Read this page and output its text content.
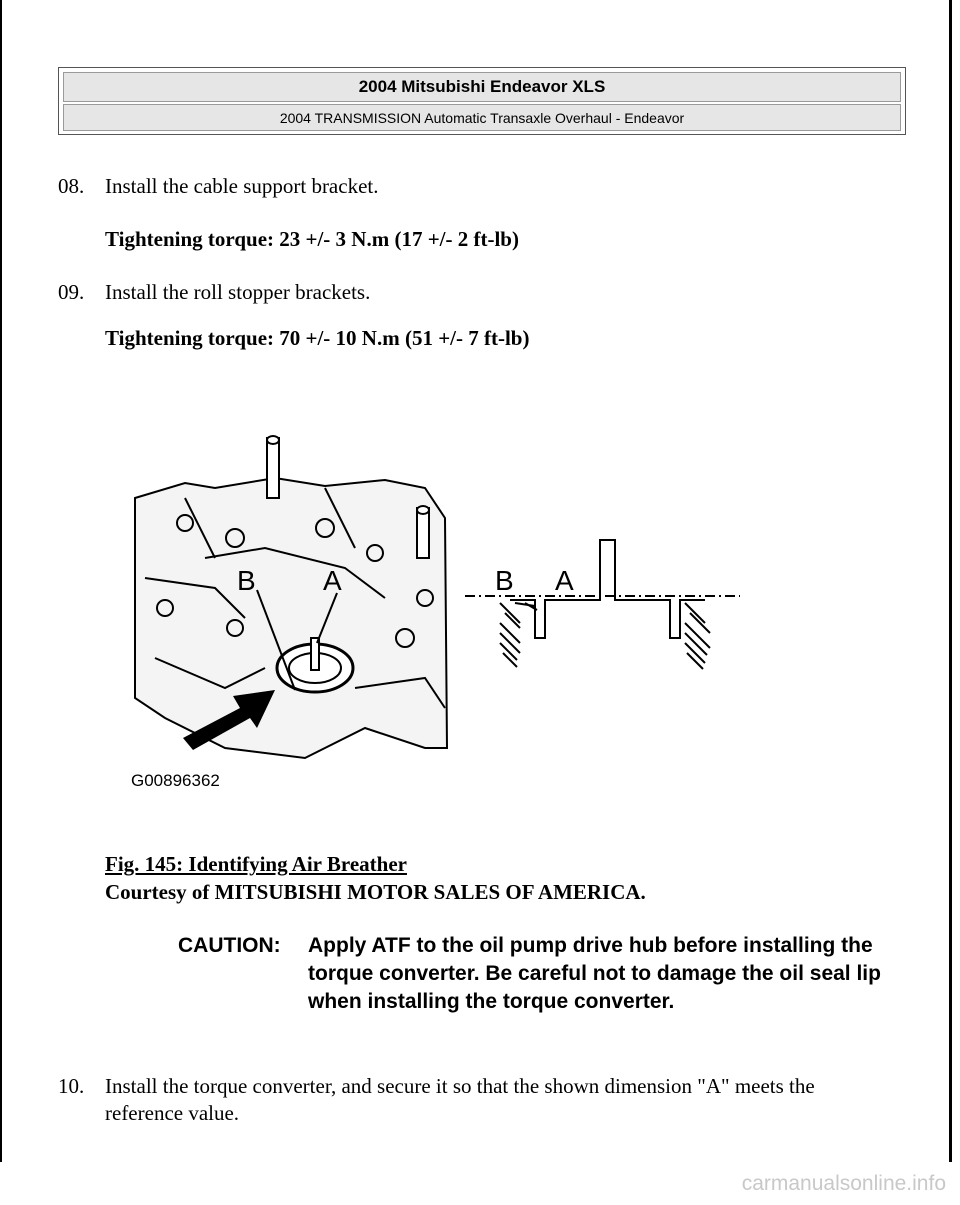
2004 Mitsubishi Endeavor XLS
2004 TRANSMISSION Automatic Transaxle Overhaul - Endeavor
08. Install the cable support bracket.
Tightening torque: 23 +/- 3 N.m (17 +/- 2 ft-lb)
09. Install the roll stopper brackets.
Tightening torque: 70 +/- 10 N.m (51 +/- 7 ft-lb)
B A	B A
G00896362
Fig. 145: Identifying Air Breather
Courtesy of MITSUBISHI MOTOR SALES OF AMERICA.
CAUTION:	Apply ATF to the oil pump drive hub before installing the torque converter. Be careful not to damage the oil seal lip when installing the torque converter.
10. Install the torque converter, and secure it so that the shown dimension "A" meets the reference value.
carmanualsonline.info
